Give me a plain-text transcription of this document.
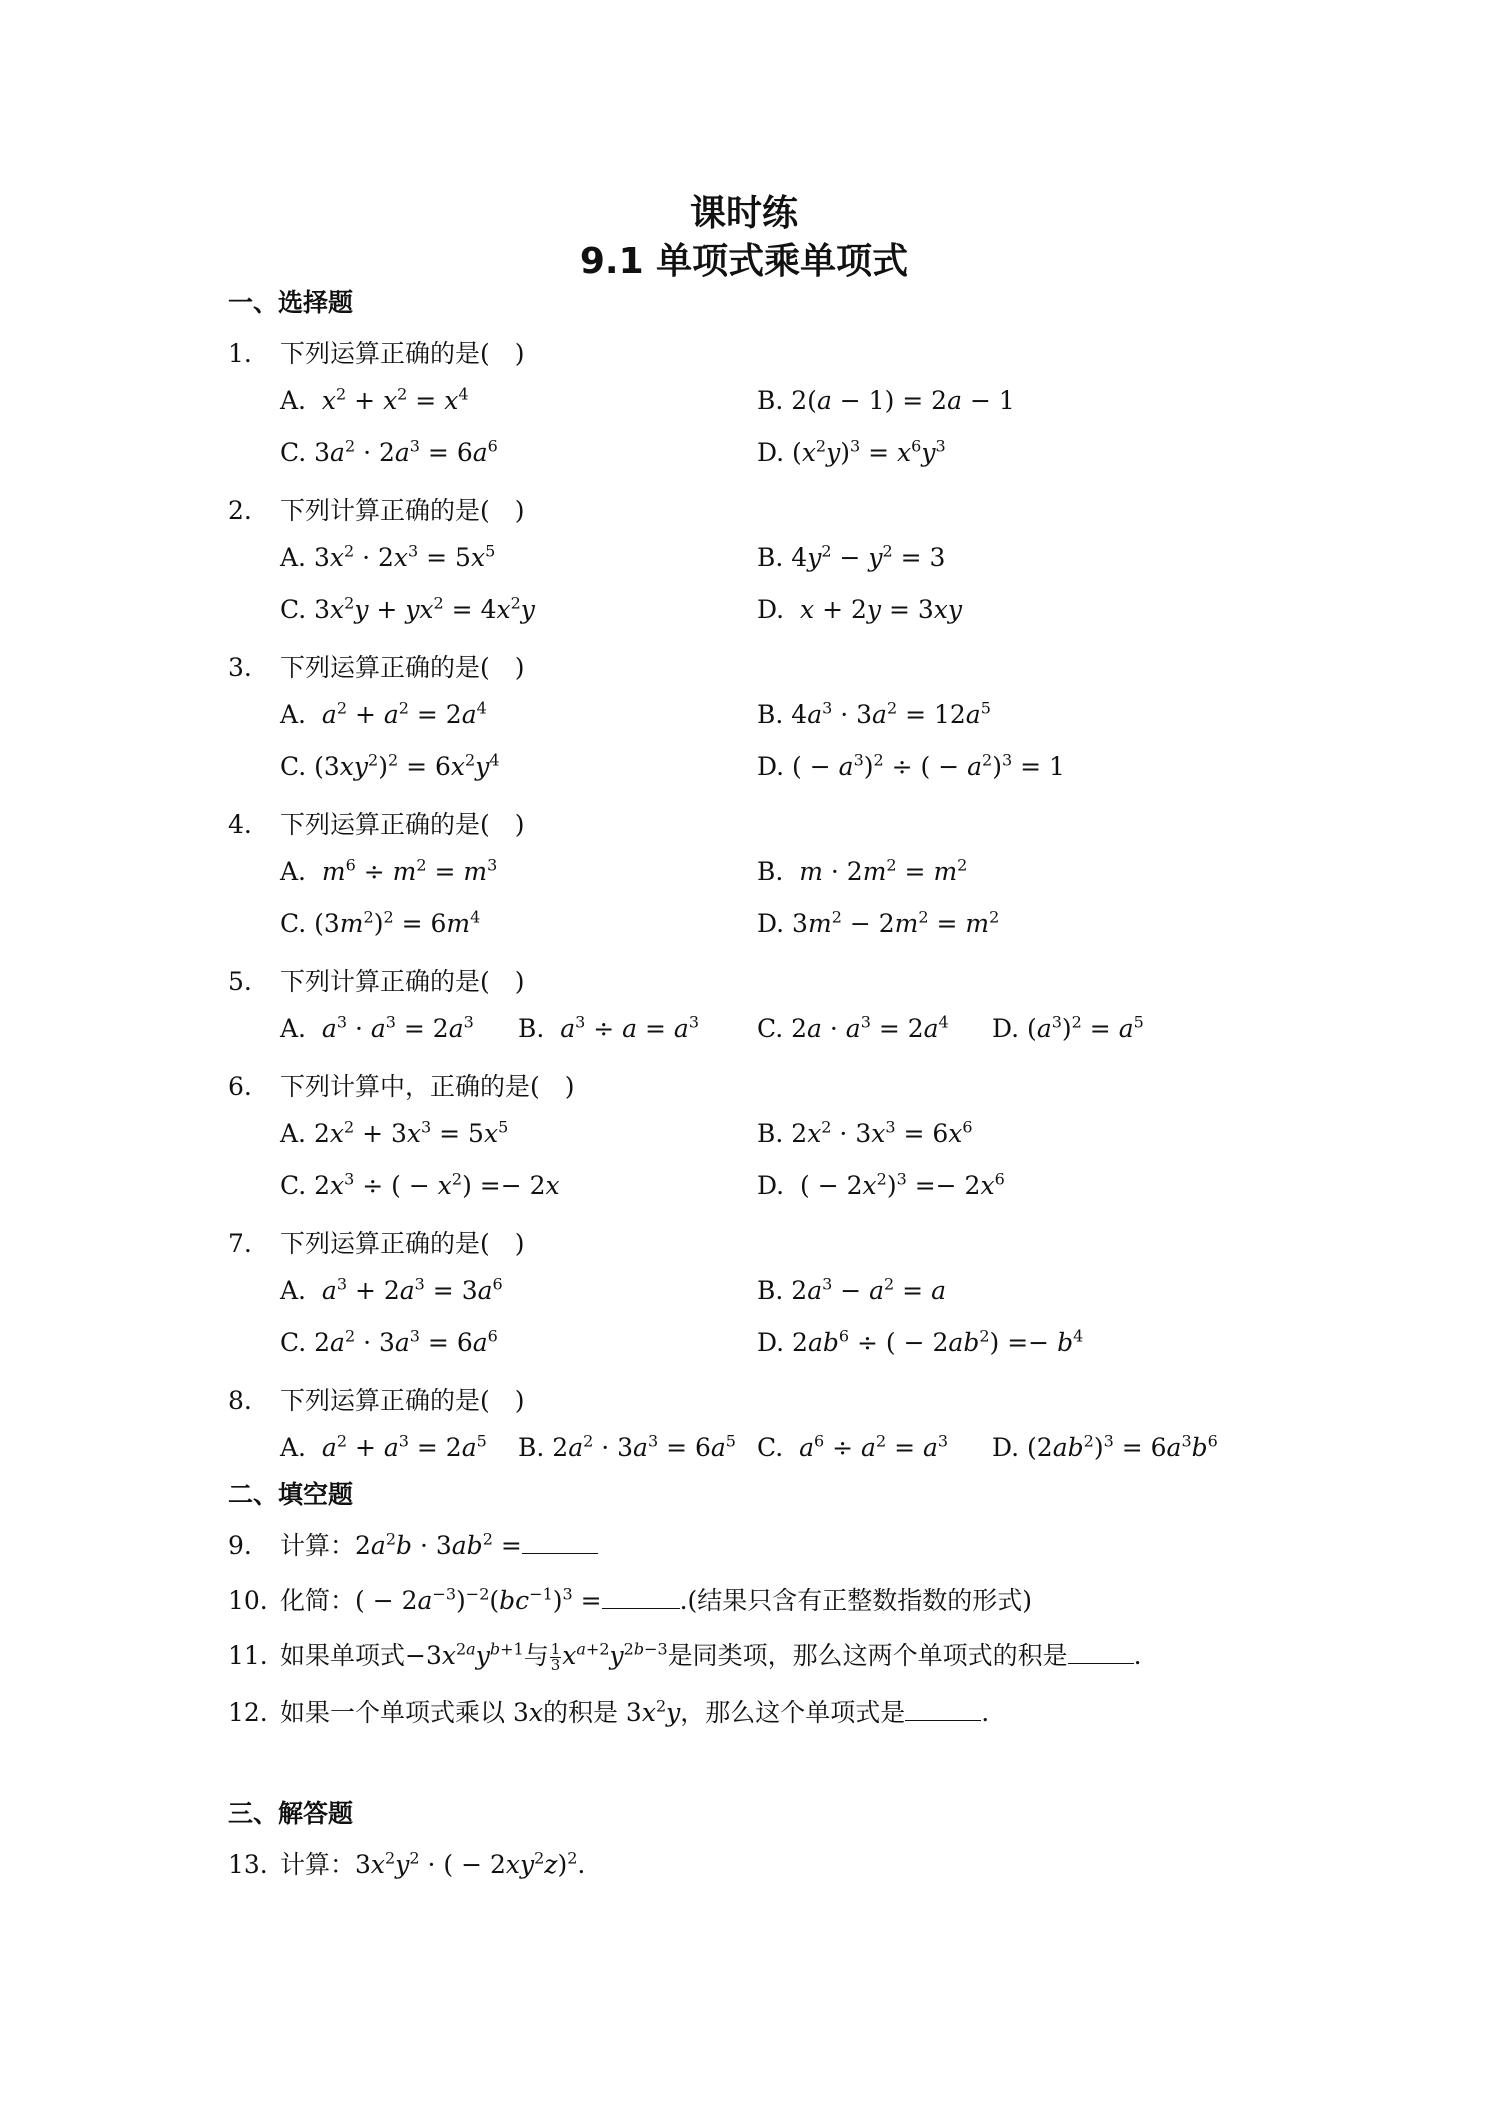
课时练
9.1 单项式乘单项式
一、选择题
1. 下列运算正确的是(　)
A. $x^2 + x^2 = x^4$	B. 2(a − 1) = 2a − 1
C. $3a^2 \cdot 2a^3 = 6a^6$	D. $(x^2y)^3 = x^6y^3$
2. 下列计算正确的是(　)
A. $3x^2 \cdot 2x^3 = 5x^5$	B. $4y^2 - y^2 = 3$
C. $3x^2y + yx^2 = 4x^2y$	D. x + 2y = 3xy
3. 下列运算正确的是(　)
A. $a^2 + a^2 = 2a^4$	B. $4a^3 \cdot 3a^2 = 12a^5$
C. $(3xy^2)^2 = 6x^2y^4$	D. ( − $a^3)^2$ ÷ ( − $a^2)^3 = 1$
4. 下列运算正确的是(　)
A. $m^6 \div m^2 = m^3$	B. $m \cdot 2m^2 = m^2$
C. $(3m^2)^2 = 6m^4$	D. $3m^2 - 2m^2 = m^2$
5. 下列计算正确的是(　)
A. $a^3 \cdot a^3 = 2a^3$ B. $a^3 \div a = a^3$ C. $2a \cdot a^3 = 2a^4$ D. $(a^3)^2 = a^5$
6. 下列计算中，正确的是(　)
A. $2x^2 + 3x^3 = 5x^5$	B. $2x^2 \cdot 3x^3 = 6x^6$
C. $2x^3$ ÷ ( − $x^2) =- 2x$	D.  ( − $2x^2)^3 =- 2x^6$
7. 下列运算正确的是(　)
A. $a^3 + 2a^3 = 3a^6$	B. $2a^3 - a^2 = a$
C. $2a^2 \cdot 3a^3 = 6a^6$	D. $2ab^6$ ÷ ( − $2ab^2) =- b^4$
8. 下列运算正确的是(　)
A. $a^2 + a^3 = 2a^5$ B. $2a^2 \cdot 3a^3 = 6a^5$ C. $a^6 \div a^2 = a^3$ D. $(2ab^2)^3 = 6a^3b^6$
二、填空题
9. 计算：$2a^2b \cdot 3ab^2$ =
10. 化简：( − $2a^{-3})^{-2}(bc^{-1})^3$ =	.(结果只含有正整数指数的形式)
11. 如果单项式$-3x^{2a}y^{b+1}$与 $\frac{1}{3} x^{a+2}y^{2b-3}$是同类项，那么这两个单项式的积是	.
12. 如果一个单项式乘以 3x的积是 $3x^2y$，那么这个单项式是	.
三、解答题
13. 计算：$3x^2y^2$ · ( − $2xy^2z)^2$.
